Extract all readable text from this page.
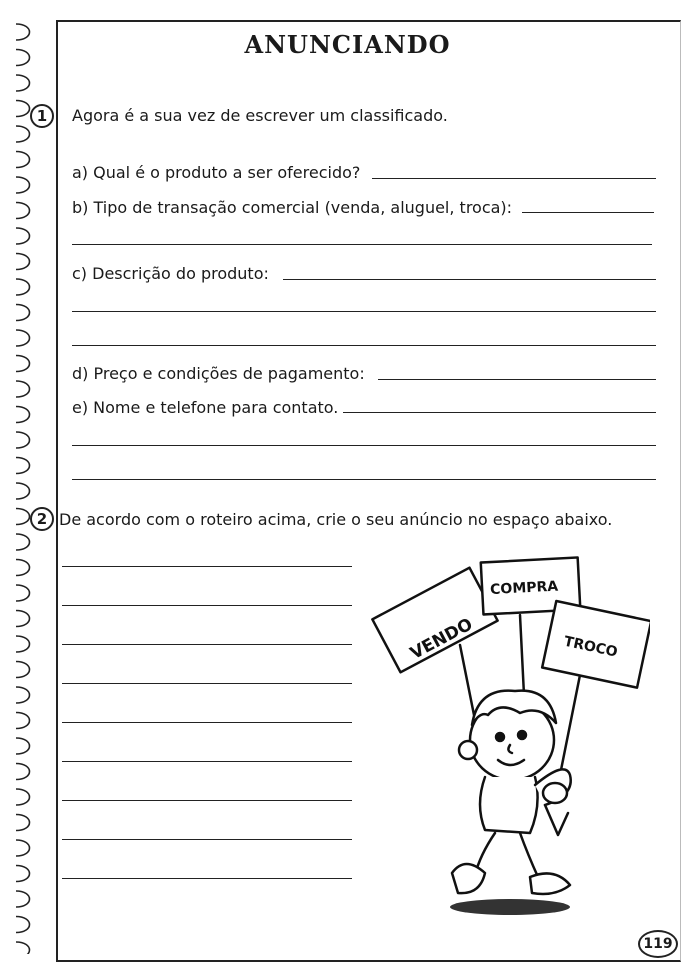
ANUNCIANDO
1	Agora é a sua vez de escrever um classificado.
a) Qual é o produto a ser oferecido?
b) Tipo de transação comercial (venda, aluguel, troca):
c) Descrição do produto:
d) Preço e condições de pagamento:
e) Nome e telefone para contato.
2 De acordo com o roteiro acima, crie o seu anúncio no espaço abaixo.
VENDO
COMPRA
TROCO
119
